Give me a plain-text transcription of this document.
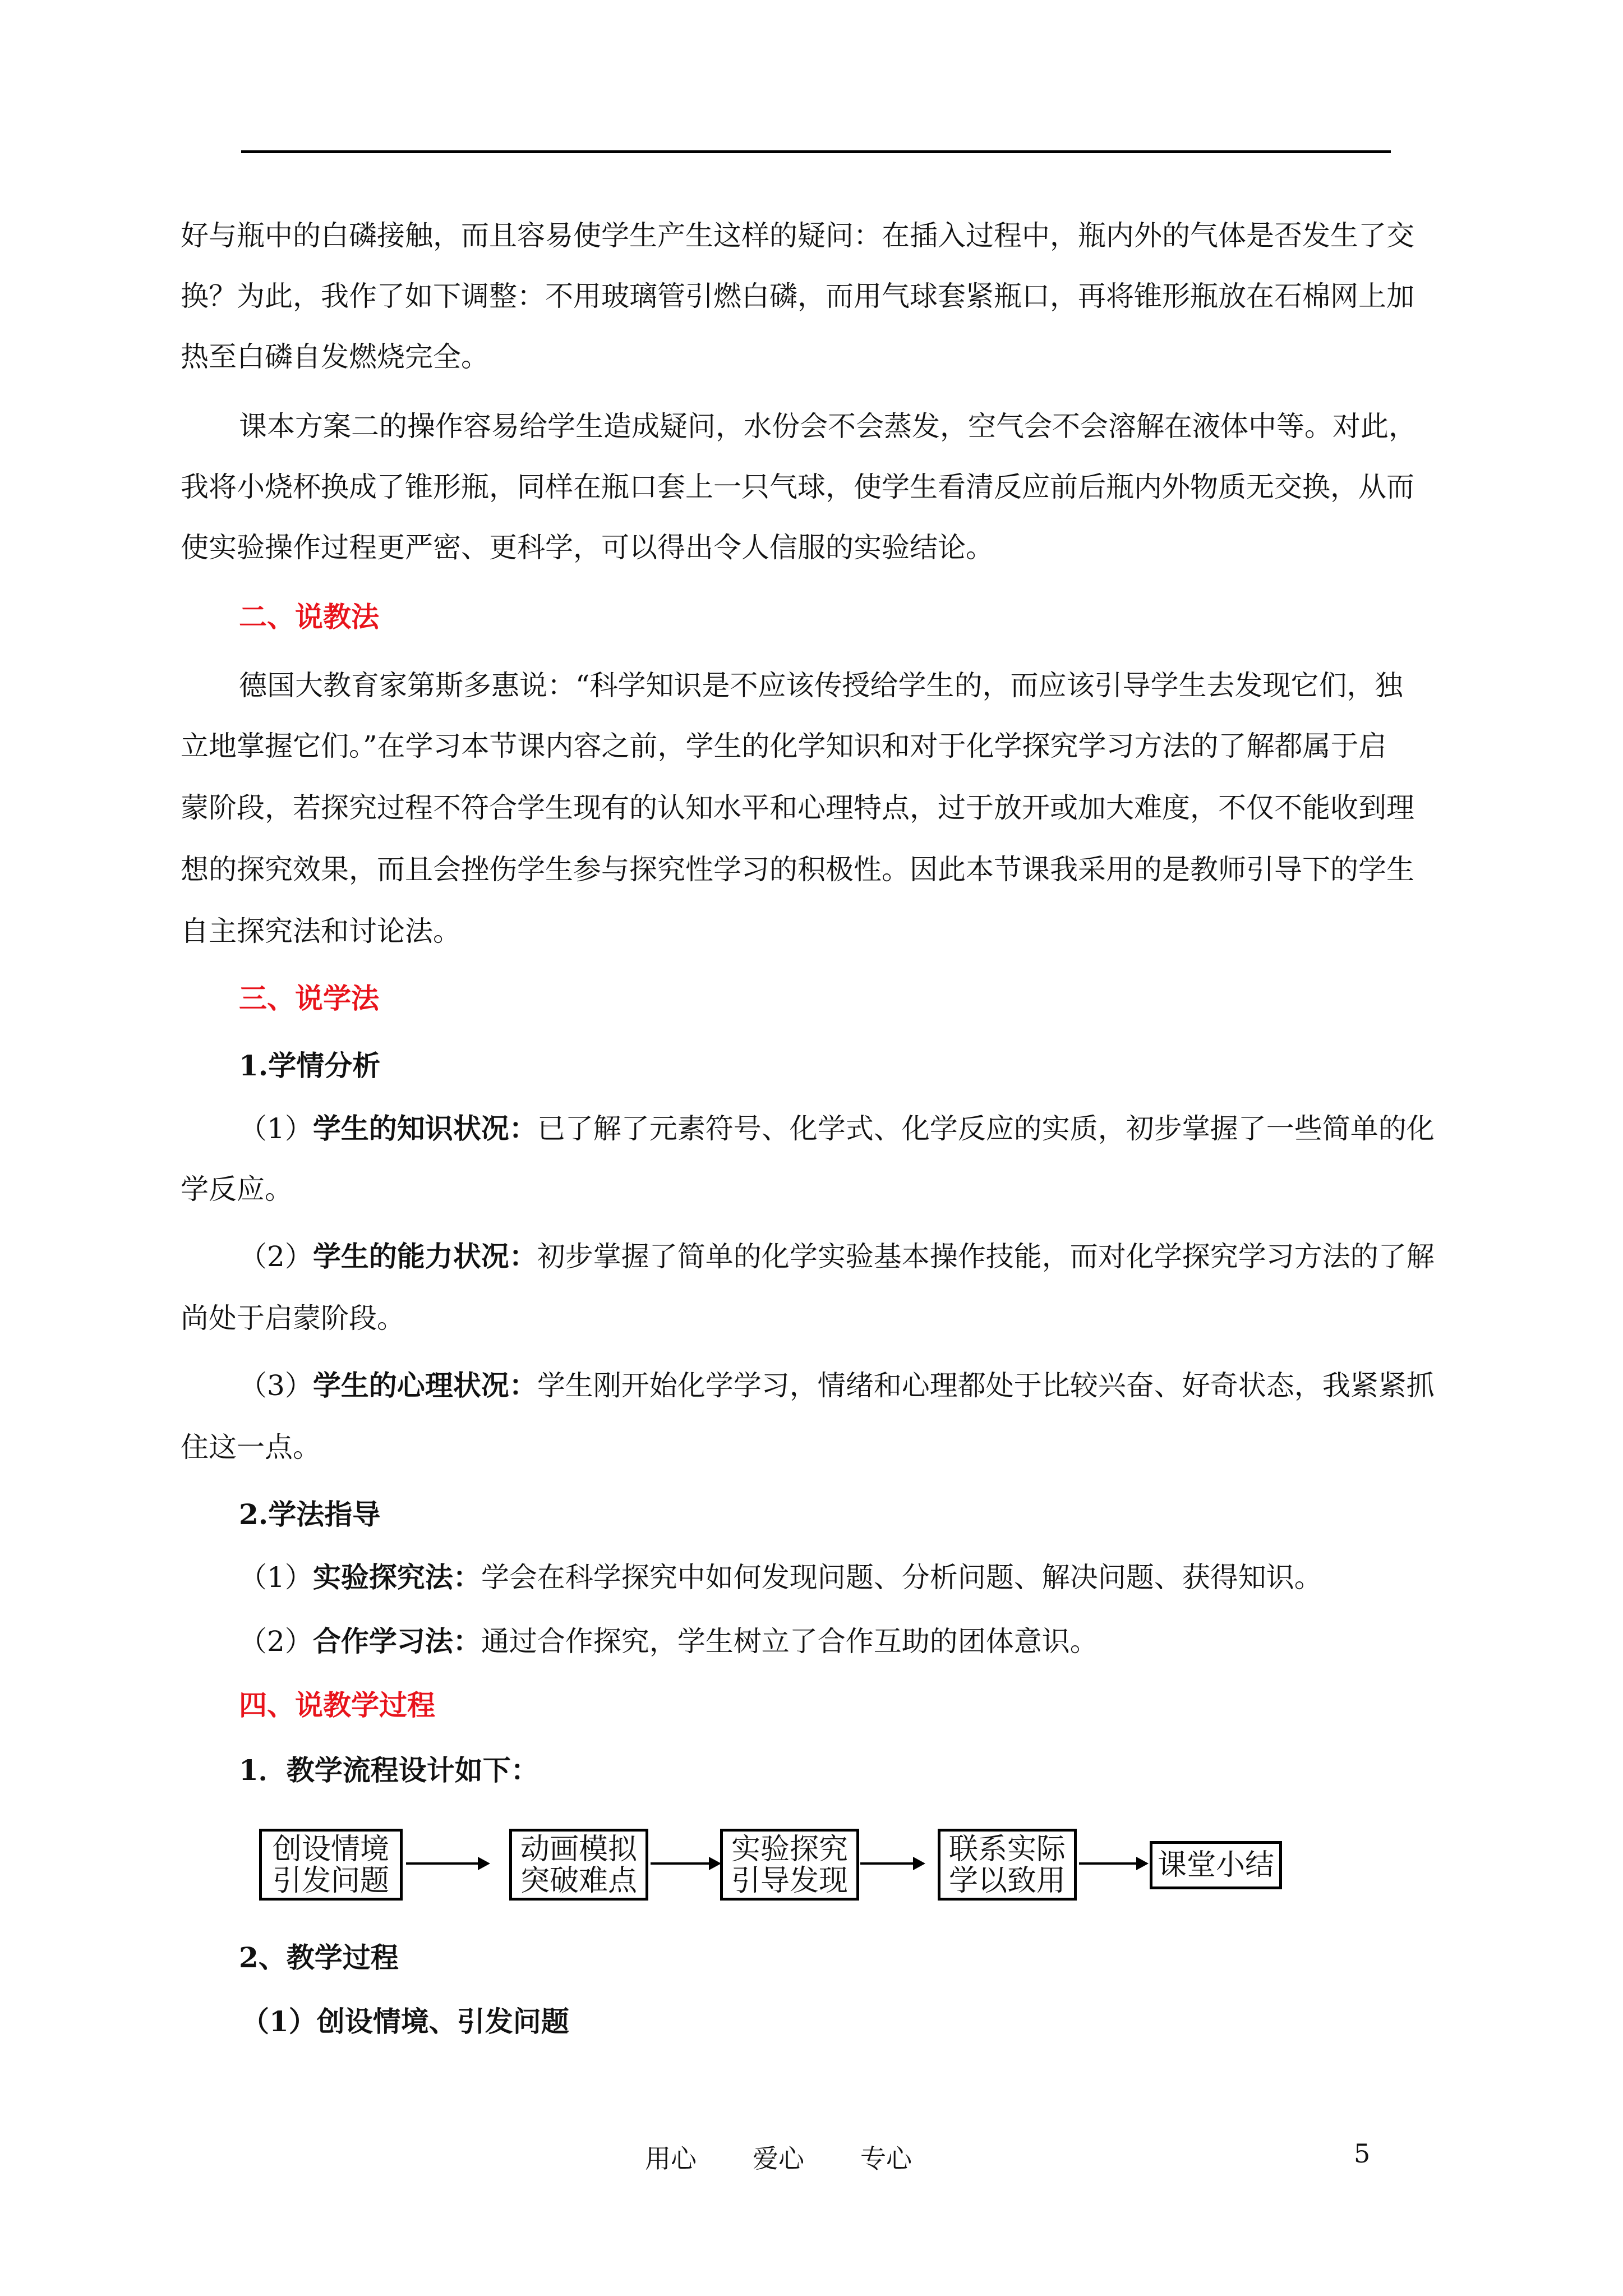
好与瓶中的白磷接触，而且容易使学生产生这样的疑问：在插入过程中，瓶内外的气体是否发生了交
换？为此，我作了如下调整：不用玻璃管引燃白磷，而用气球套紧瓶口，再将锥形瓶放在石棉网上加
热至白磷自发燃烧完全。
课本方案二的操作容易给学生造成疑问，水份会不会蒸发，空气会不会溶解在液体中等。对此，
我将小烧杯换成了锥形瓶，同样在瓶口套上一只气球，使学生看清反应前后瓶内外物质无交换，从而
使实验操作过程更严密、更科学，可以得出令人信服的实验结论。
二、说教法
德国大教育家第斯多惠说：“科学知识是不应该传授给学生的，而应该引导学生去发现它们，独
立地掌握它们。”在学习本节课内容之前，学生的化学知识和对于化学探究学习方法的了解都属于启
蒙阶段，若探究过程不符合学生现有的认知水平和心理特点，过于放开或加大难度，不仅不能收到理
想的探究效果，而且会挫伤学生参与探究性学习的积极性。因此本节课我采用的是教师引导下的学生
自主探究法和讨论法。
三、说学法
1.学情分析
（1）学生的知识状况：已了解了元素符号、化学式、化学反应的实质，初步掌握了一些简单的化
学反应。
（2）学生的能力状况：初步掌握了简单的化学实验基本操作技能，而对化学探究学习方法的了解
尚处于启蒙阶段。
（3）学生的心理状况：学生刚开始化学学习，情绪和心理都处于比较兴奋、好奇状态，我紧紧抓
住这一点。
2.学法指导
（1）实验探究法：学会在科学探究中如何发现问题、分析问题、解决问题、获得知识。
（2）合作学习法：通过合作探究，学生树立了合作互助的团体意识。
四、说教学过程
1．教学流程设计如下：
创设情境
引发问题
动画模拟
突破难点
实验探究
引导发现
联系实际
学以致用	课堂小结
2、教学过程
（1）创设情境、引发问题
用心 爱心 专心	5
